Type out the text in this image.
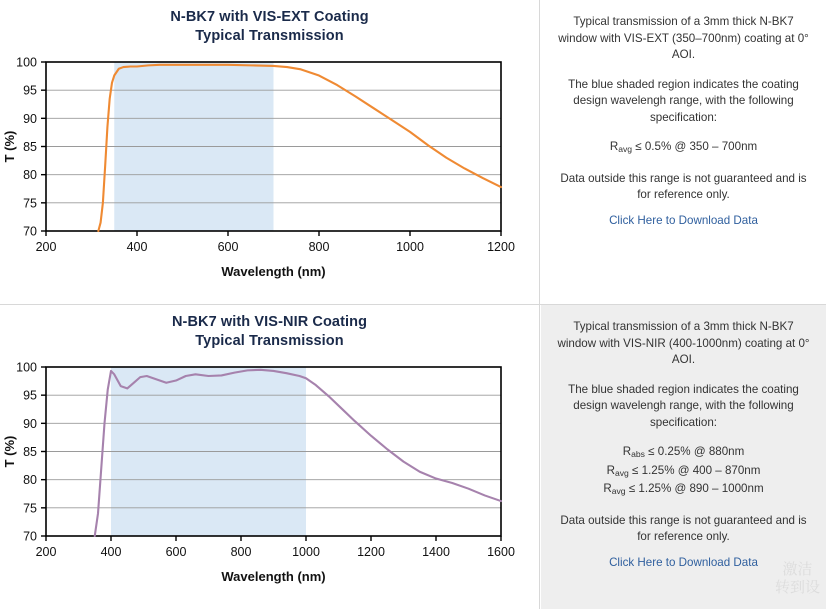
N-BK7 with VIS-EXT Coating
Typical Transmission
200	400	600	800	1000	1200
70
75
80
85
90
95
100
Wavelength (nm)
T (%)

Typical transmission of a 3mm thick N-BK7 window with VIS-EXT (350–700nm) coating at 0° AOI.

The blue shaded region indicates the coating design wavelengh range, with the following specification:

$R_{avg} \le 0.5\%$ @ 350 – 700nm

Data outside this range is not guaranteed and is for reference only.

Click Here to Download Data
N-BK7 with VIS-NIR Coating
Typical Transmission
200	400	600	800	1000	1200	1400	1600
70
75
80
85
90
95
100
Wavelength (nm)
T (%)

Typical transmission of a 3mm thick N-BK7 window with VIS-NIR (400-1000nm) coating at 0° AOI.

The blue shaded region indicates the coating design wavelengh range, with the following specification:

$R_{abs} \le 0.25\%$ @ 880nm

$R_{avg} \le 1.25\%$ @ 400 – 870nm

$R_{avg} \le 1.25\%$ @ 890 – 1000nm

Data outside this range is not guaranteed and is for reference only.

Click Here to Download Data	激洁
转到设
